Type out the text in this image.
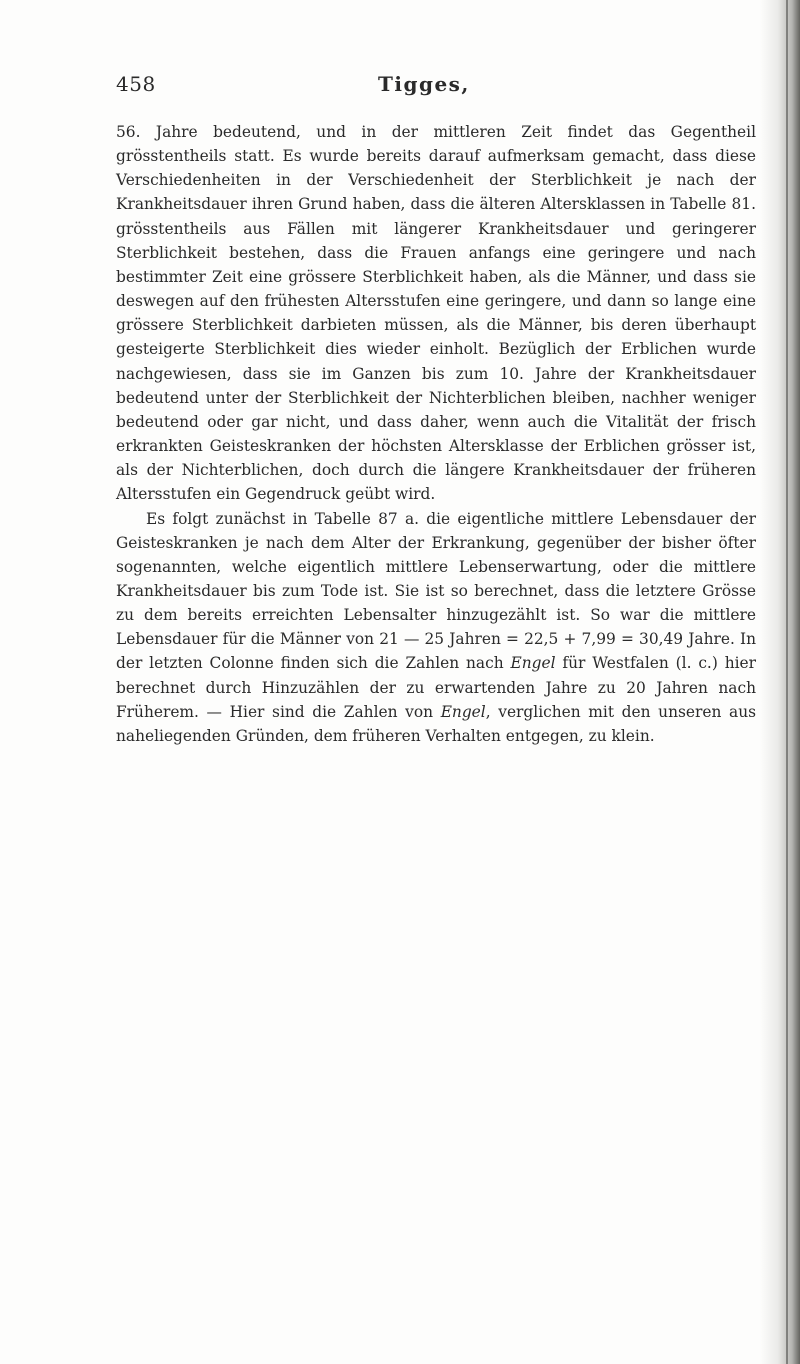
458	Tigges,

56. Jahre bedeutend, und in der mittleren Zeit findet das Gegentheil grösstentheils statt. Es wurde bereits darauf aufmerksam gemacht, dass diese Verschiedenheiten in der Verschiedenheit der Sterblichkeit je nach der Krankheitsdauer ihren Grund haben, dass die älteren Altersklassen in Tabelle 81. grösstentheils aus Fällen mit längerer Krankheitsdauer und geringerer Sterblichkeit bestehen, dass die Frauen anfangs eine geringere und nach bestimmter Zeit eine grössere Sterblichkeit haben, als die Männer, und dass sie deswegen auf den frühesten Altersstufen eine geringere, und dann so lange eine grössere Sterblichkeit darbieten müssen, als die Männer, bis deren überhaupt gesteigerte Sterblichkeit dies wieder einholt. Bezüglich der Erblichen wurde nachgewiesen, dass sie im Ganzen bis zum 10. Jahre der Krankheitsdauer bedeutend unter der Sterblichkeit der Nichterblichen bleiben, nachher weniger bedeutend oder gar nicht, und dass daher, wenn auch die Vitalität der frisch erkrankten Geisteskranken der höchsten Altersklasse der Erblichen grösser ist, als der Nichterblichen, doch durch die längere Krankheitsdauer der früheren Altersstufen ein Gegendruck geübt wird.

Es folgt zunächst in Tabelle 87 a. die eigentliche mittlere Lebensdauer der Geisteskranken je nach dem Alter der Erkrankung, gegenüber der bisher öfter sogenannten, welche eigentlich mittlere Lebenserwartung, oder die mittlere Krankheitsdauer bis zum Tode ist. Sie ist so berechnet, dass die letztere Grösse zu dem bereits erreichten Lebensalter hinzugezählt ist. So war die mittlere Lebensdauer für die Männer von 21 — 25 Jahren = 22,5 + 7,99 = 30,49 Jahre. In der letzten Colonne finden sich die Zahlen nach Engel für Westfalen (l. c.) hier berechnet durch Hinzuzählen der zu erwartenden Jahre zu 20 Jahren nach Früherem. — Hier sind die Zahlen von Engel, verglichen mit den unseren aus naheliegenden Gründen, dem früheren Verhalten entgegen, zu klein.
